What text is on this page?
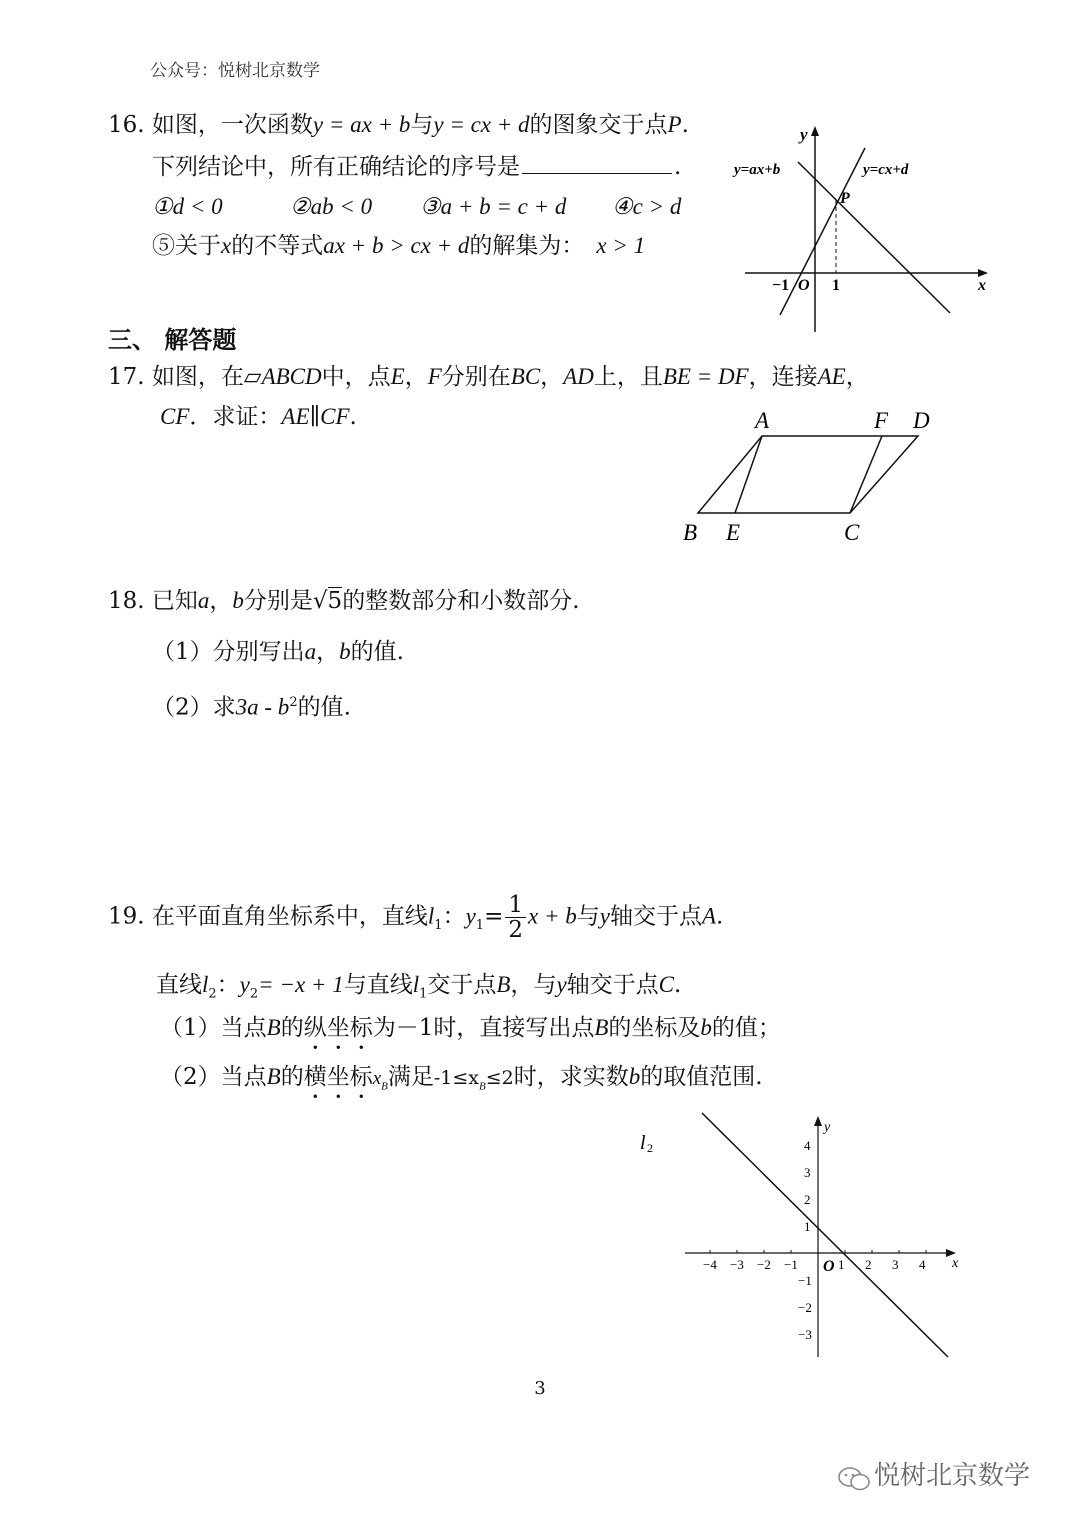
公众号：悦树北京数学
16. 如图，一次函数y = ax + b与y = cx + d的图象交于点P.
下列结论中，所有正确结论的序号是	.
①d < 0	②ab < 0 ③a + b = c + d ④c > d
⑤关于x的不等式ax + b > cx + d的解集为： x > 1
y
x
y=ax+b	y=cx+d
P
−1 O 1
三、 解答题
17. 如图，在▱ABCD中，点E，F分别在BC，AD上，且BE = DF，连接AE，
CF．求证：AE∥CF.	A	F D
B E	C
18. 已知a，b分别是√5的整数部分和小数部分.
（1）分别写出a，b的值.
（2）求$3a - b^2$的值.
19. 在平面直角坐标系中，直线$l_1$：$y_1= \frac{1}{2}$ x + b与y轴交于点A.
直线$l_2$：$y_2= -x + 1$与直线$l_1$交于点B，与y轴交于点C.
（1）当点B的纵坐标为－1时，直接写出点B的坐标及b的值；
（2）当点B的横坐标$x_B$满足$-1\le x_B\le 2$时，求实数b的取值范围.
−4 −3 −2 −1	1 2 3 4
4
3
2
1
−1
−2
−3
l 2
y
x
O
3
悦树北京数学
